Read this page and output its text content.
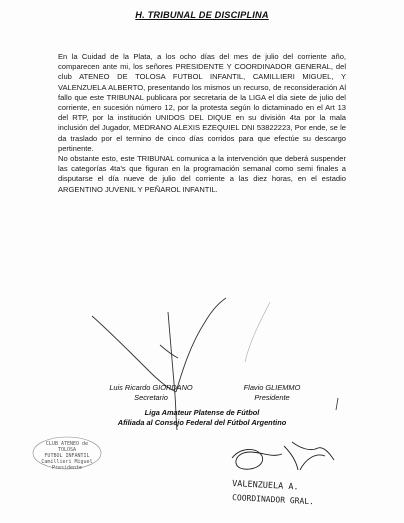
H. TRIBUNAL DE DISCIPLINA

En la Cuidad de la Plata, a los ocho días del mes de julio del corriente año, comparecen ante mi, los señores PRESIDENTE Y COORDINADOR GENERAL, del club ATENEO DE TOLOSA FUTBOL INFANTIL, CAMILLIERI MIGUEL, Y VALENZUELA ALBERTO, presentando los mismos un recurso, de reconsideración Al fallo que este TRIBUNAL publicara por secretaria de la LIGA el día siete de julio del corriente, en sucesión número 12, por la protesta según lo dictaminado en el Art 13 del RTP, por la institución UNIDOS DEL DIQUE en su división 4ta por la mala inclusión del Jugador, MEDRANO ALEXIS EZEQUIEL DNI 53822223, Por ende, se le da traslado por el termino de cinco días corridos para que efectúe su descargo pertinente.

No obstante esto, este TRIBUNAL comunica a la intervención que deberá suspender las categorías 4ta's que figuran en la programación semanal como semi finales a disputarse el día nueve de julio del corriente a las diez horas, en el estadio ARGENTINO JUVENIL Y PEÑAROL INFANTIL.

VALENZUELA A.
COORDINADOR GRAL.
Luis Ricardo GIORDANO
Secretario
Flavio GLIEMMO
Presidente
Liga Amateur Platense de Fútbol
Afiliada al Consejo Federal del Fútbol Argentino
CLUB ATENEO de TOLOSA
FUTBOL INFANTIL
Camillieri Miguel
Presidente
